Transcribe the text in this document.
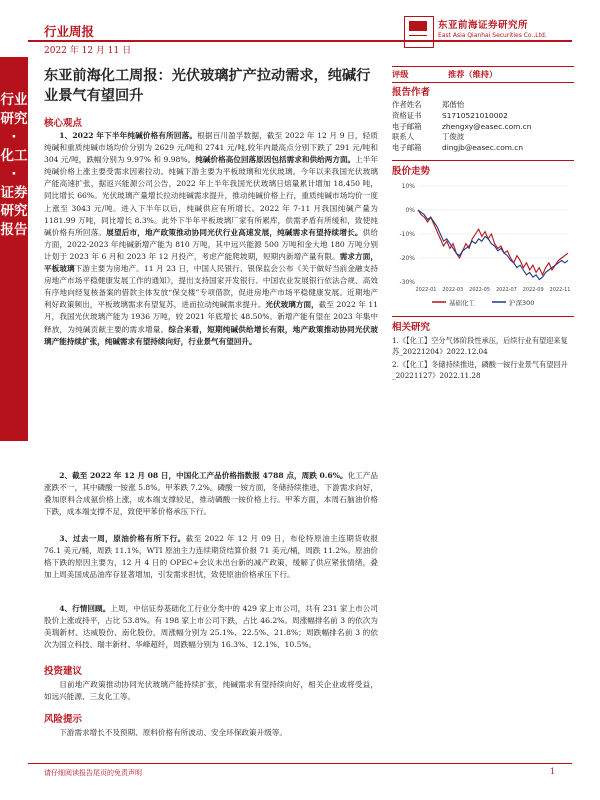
行业研究
·
化工
·
证券研究
报告
行业周报
2022 年 12 月 11 日
东亚前海证券研究所
East Asia Qianhai Securities Co.,Ltd.
东亚前海化工周报：光伏玻璃扩产拉动需求，纯碱行业景气有望回升
核心观点
1、2022 年下半年纯碱价格有所回落。根据百川盈孚数据，截至 2022 年 12 月 9 日，轻质纯碱和重质纯碱市场均价分别为 2629 元/吨和 2741 元/吨,较年内最高点分别下跌了 291 元/吨和 304 元/吨，跌幅分别为 9.97% 和 9.98%。纯碱价格高位回落原因包括需求和供给两方面。上半年纯碱价格上涨主要受需求因素拉动。纯碱下游主要为平板玻璃和光伏玻璃。今年以来我国光伏玻璃产能高速扩张，据返兴能源公司公告，2022 年上半年我国光伏玻璃日熔量累计增加 18,450 吨，同比增长 66%。光伏玻璃产量增长拉动纯碱需求提升，推动纯碱价格上行，重质纯碱市场均价一度上涨至 3043 元/吨。进入下半年以后，纯碱供应有所增长。2022 年 7-11 月我国纯碱产量为 1181.99 万吨，同比增长 8.3%。此外下半年平板玻璃厂家有所累库，供需矛盾有所缓和，致使纯碱价格有所回落。展望后市，地产政策推动协同光伏行业高速发展，纯碱需求有望持续增长。供给方面，2022-2023 年纯碱新增产能为 810 万吨，其中远兴能源 500 万吨和金大地 180 万吨分别计划于 2023 年 6 月和 2023 年 12 月投产，考虑产能爬坡期，短期内新增产量有限。需求方面，平板玻璃下游主要为房地产。11 月 23 日，中国人民银行、银保监会公布《关于做好当前金融支持房地产市场平稳健康发展工作的通知》，提出支持国家开发银行、中国农业发展银行依法合规、高效有序地向经复核备案的借款主体发放“保交楼”专项借款，促进房地产市场平稳健康发展。近期地产利好政策频出，平板玻璃需求有望复苏，进而拉动纯碱需求提升。光伏玻璃方面，截至 2022 年 11 月，我国光伏玻璃产能为 1936 万吨，较 2021 年底增长 48.50%。新增产能有望在 2023 年集中释放，为纯碱贡献主要的需求增量。综合来看，短期纯碱供给增长有限，地产政策推动协同光伏玻璃产能持续扩张，纯碱需求有望持续向好，行业景气有望回升。
2、截至 2022 年 12 月 08 日，中国化工产品价格指数报 4788 点，周跌 0.6%。化工产品涨跌不一，其中磷酸一铵涨 5.8%。甲苯跌 7.2%。磷酸一铵方面，冬储持续推进，下游需求向好，叠加原料合成氨价格上涨，成本端支撑较足，推动磷酸一铵价格上行。甲苯方面，本周石脑油价格下跌，成本端支撑不足，致使甲苯价格承压下行。
3、过去一周，原油价格有所下行。截至 2022 年 12 月 09 日，布伦特原油主连期货收报 76.1 美元/桶，周跌 11.1%，WTI 原油主力连续期货结算价报 71 美元/桶，周跌 11.2%。原油价格下跌的原因主要为，12 月 4 日的 OPEC+会议未出台新的减产政策，缓解了供应紧张情绪，叠加上周美国成品油库存显著增加，引发需求担忧，致使原油价格承压下行。
4、行情回顾。上周，中信证券基础化工行业分类中的 429 家上市公司，共有 231 家上市公司股价上涨或持平，占比 53.8%。有 198 家上市公司下跌，占比 46.2%。周涨幅排名前 3 的依次为美瑞新材、达威股份、南化股份，周涨幅分别为 25.1%、22.5%、21.8%；周跌幅排名前 3 的依次为国立科技、瑞丰新材、华峰超纤，周跌幅分别为 16.3%、12.1%、10.5%。
投资建议
目前地产政策推动协同光伏玻璃产能持续扩张，纯碱需求有望持续向好，相关企业或将受益，如远兴能源、三友化工等。
风险提示
下游需求增长不及预期、原料价格有所波动、安全环保政策升级等。
评级	推荐（维持）
报告作者
作者姓名	郑偕怡
资格证书	S1710521010002
电子邮箱	zhengxy@easec.com.cn
联系人	丁俊波
电子邮箱	dingjb@easec.com.cn
股价走势
10%
0%
-10%
-20%
-30%
2022-01 2022-03 2022-05 2022-07 2022-09 2022-11
基础化工	沪深300
相关研究
1.《【化工】空分气体阶段性承压，后续行业有望迎来复苏_20221204》2022.12.04
2.《【化工】冬储持续推进，磷酸一铵行业景气有望回升_20221127》2022.11.28
请仔细阅读报告尾页的免责声明	1
